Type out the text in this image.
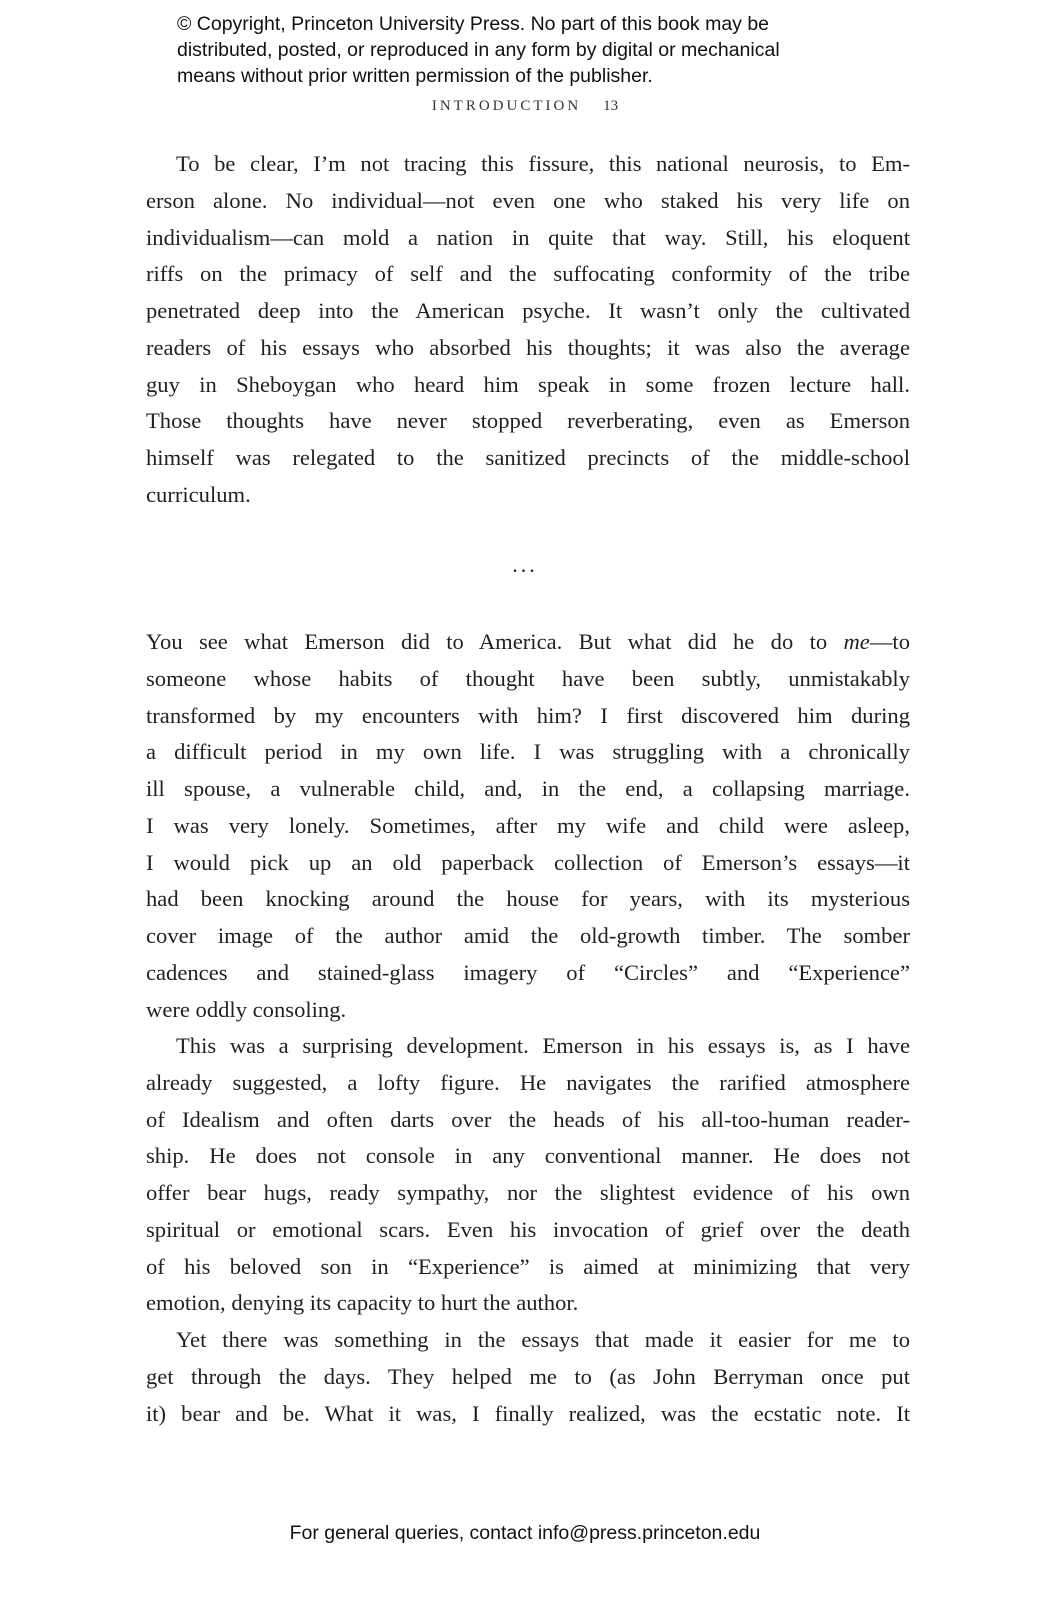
© Copyright, Princeton University Press. No part of this book may be
distributed, posted, or reproduced in any form by digital or mechanical
means without prior written permission of the publisher.
INTRODUCTION 13
To be clear, I’m not tracing this fissure, this national neurosis, to Em-
erson alone. No individual—not even one who staked his very life on
individualism—can mold a nation in quite that way. Still, his eloquent
riffs on the primacy of self and the suffocating conformity of the tribe
penetrated deep into the American psyche. It wasn’t only the cultivated
readers of his essays who absorbed his thoughts; it was also the average
guy in Sheboygan who heard him speak in some frozen lecture hall.
Those thoughts have never stopped reverberating, even as Emerson
himself was relegated to the sanitized precincts of the middle-school
curriculum.
...
You see what Emerson did to America. But what did he do to me—to
someone whose habits of thought have been subtly, unmistakably
transformed by my encounters with him? I first discovered him during
a difficult period in my own life. I was struggling with a chronically
ill spouse, a vulnerable child, and, in the end, a collapsing marriage.
I was very lonely. Sometimes, after my wife and child were asleep,
I would pick up an old paperback collection of Emerson’s essays—it
had been knocking around the house for years, with its mysterious
cover image of the author amid the old-growth timber. The somber
cadences and stained-glass imagery of “Circles” and “Experience”
were oddly consoling.
This was a surprising development. Emerson in his essays is, as I have
already suggested, a lofty figure. He navigates the rarified atmosphere
of Idealism and often darts over the heads of his all-too-human reader-
ship. He does not console in any conventional manner. He does not
offer bear hugs, ready sympathy, nor the slightest evidence of his own
spiritual or emotional scars. Even his invocation of grief over the death
of his beloved son in “Experience” is aimed at minimizing that very
emotion, denying its capacity to hurt the author.
Yet there was something in the essays that made it easier for me to
get through the days. They helped me to (as John Berryman once put
it) bear and be. What it was, I finally realized, was the ecstatic note. It
For general queries, contact info@press.princeton.edu
